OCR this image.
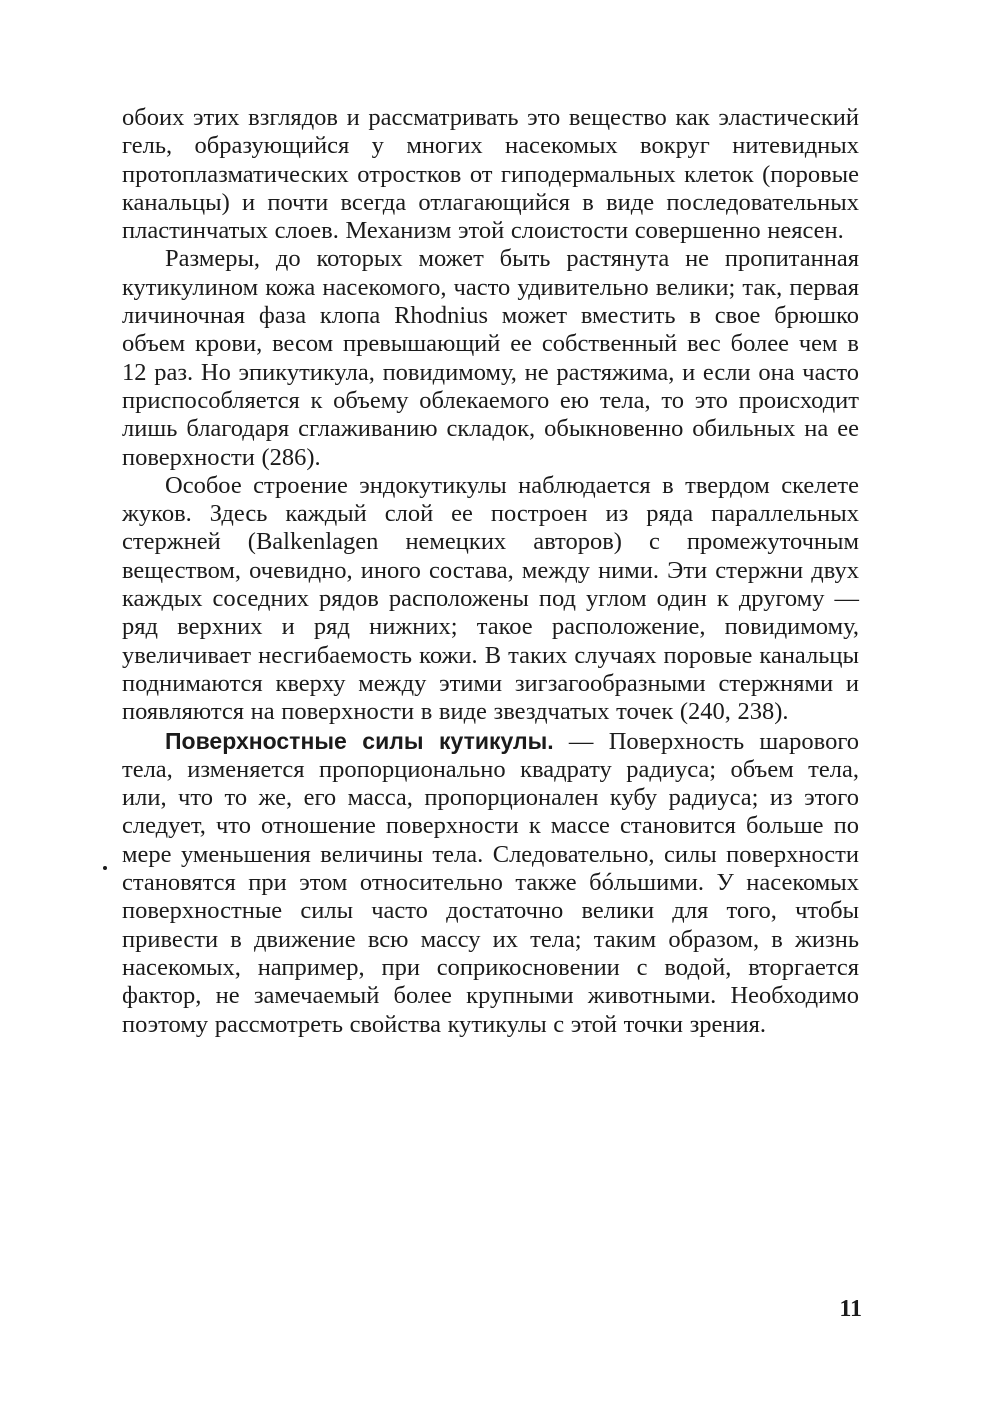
обоих этих взглядов и рассматривать это вещество как эластический гель, образующийся у многих насекомых вокруг нитевидных протоплазматических отростков от гиподермальных клеток (поровые канальцы) и почти всегда отлагающийся в виде последовательных пластинчатых слоев. Механизм этой слоистости совершенно неясен.

Размеры, до которых может быть растянута не пропитанная кутикулином кожа насекомого, часто удивительно велики; так, первая личиночная фаза клопа Rhodnius может вместить в свое брюшко объем крови, весом превышающий ее собственный вес более чем в 12 раз. Но эпикутикула, повидимому, не растяжима, и если она часто приспособляется к объему облекаемого ею тела, то это происходит лишь благодаря сглаживанию складок, обыкновенно обильных на ее поверхности (286).

Особое строение эндокутикулы наблюдается в твердом скелете жуков. Здесь каждый слой ее построен из ряда параллельных стержней (Balkenlagen немецких авторов) с промежуточным веществом, очевидно, иного состава, между ними. Эти стержни двух каждых соседних рядов расположены под углом один к другому — ряд верхних и ряд нижних; такое расположение, повидимому, увеличивает несгибаемость кожи. В таких случаях поровые канальцы поднимаются кверху между этими зигзагообразными стержнями и появляются на поверхности в виде звездчатых точек (240, 238).

Поверхностные силы кутикулы. — Поверхность шарового тела, изменяется пропорционально квадрату радиуса; объем тела, или, что то же, его масса, пропорционален кубу радиуса; из этого следует, что отношение поверхности к массе становится больше по мере уменьшения величины тела. Следовательно, силы поверхности становятся при этом относительно также бóльшими. У насекомых поверхностные силы часто достаточно велики для того, чтобы привести в движение всю массу их тела; таким образом, в жизнь насекомых, например, при соприкосновении с водой, вторгается фактор, не замечаемый более крупными животными. Необходимо поэтому рассмотреть свойства кутикулы с этой точки зрения.

11
